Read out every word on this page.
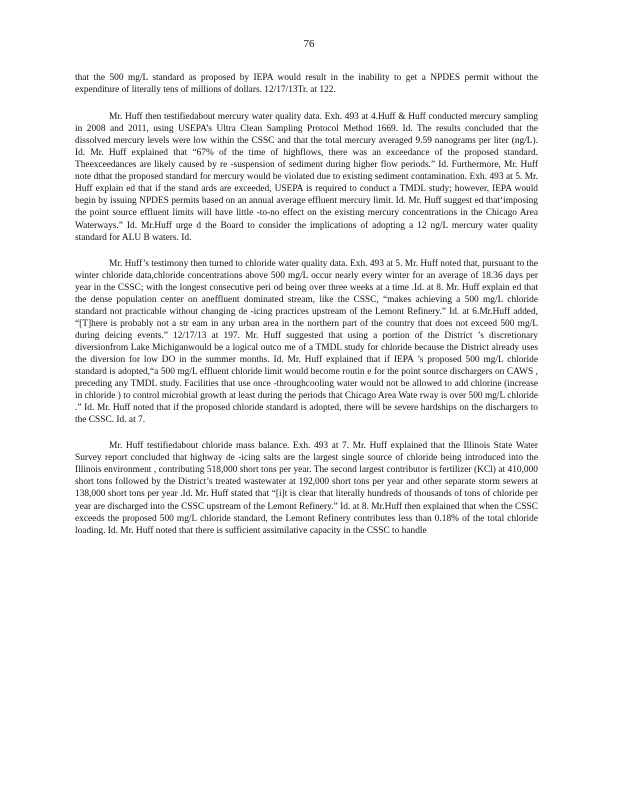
76

that the 500 mg/L standard as proposed by IEPA would result in the inability to get a NPDES permit without the expenditure of literally tens of millions of dollars. 12/17/13Tr. at 122.

Mr. Huff then testifiedabout mercury water quality data. Exh. 493 at 4.Huff & Huff conducted mercury sampling in 2008 and 2011, using USEPA’s Ultra Clean Sampling Protocol Method 1669. Id. The results concluded that the dissolved mercury levels were low within the CSSC and that the total mercury averaged 9.59 nanograms per liter (ng/L). Id. Mr. Huff explained that “67% of the time of highflows, there was an exceedance of the proposed standard. Theexceedances are likely caused by re -suspension of sediment during higher flow periods.” Id. Furthermore, Mr. Huff note dthat the proposed standard for mercury would be violated due to existing sediment contamination. Exh. 493 at 5. Mr. Huff explain ed that if the stand ards are exceeded, USEPA is required to conduct a TMDL study; however, IEPA would begin by issuing NPDES permits based on an annual average effluent mercury limit. Id. Mr. Huff suggest ed that‘imposing the point source effluent limits will have little -to-no effect on the existing mercury concentrations in the Chicago Area Waterways.” Id. Mr.Huff urge d the Board to consider the implications of adopting a 12 ng/L mercury water quality standard for ALU B waters. Id.

Mr. Huff’s testimony then turned to chloride water quality data. Exh. 493 at 5. Mr. Huff noted that, pursuant to the winter chloride data,chloride concentrations above 500 mg/L occur nearly every winter for an average of 18.36 days per year in the CSSC; with the longest consecutive peri od being over three weeks at a time .Id. at 8. Mr. Huff explain ed that the dense population center on aneffluent dominated stream, like the CSSC, “makes achieving a 500 mg/L chloride standard not practicable without changing de -icing practices upstream of the Lemont Refinery.” Id. at 6.Mr.Huff added, “[T]here is probably not a str eam in any urban area in the northern part of the country that does not exceed 500 mg/L during deicing events.” 12/17/13 at 197. Mr. Huff suggested that using a portion of the District ’s discretionary diversionfrom Lake Michiganwould be a logical outco me of a TMDL study for chloride because the District already uses the diversion for low DO in the summer months. Id. Mr. Huff explained that if IEPA ’s proposed 500 mg/L chloride standard is adopted,“a 500 mg/L effluent chloride limit would become routin e for the point source dischargers on CAWS , preceding any TMDL study. Facilities that use once -throughcooling water would not be allowed to add chlorine (increase in chloride ) to control microbial growth at least during the periods that Chicago Area Wate rway is over 500 mg/L chloride .” Id. Mr. Huff noted that if the proposed chloride standard is adopted, there will be severe hardships on the dischargers to the CSSC. Id. at 7.

Mr. Huff testifiedabout chloride mass balance. Exh. 493 at 7. Mr. Huff explained that the Illinois State Water Survey report concluded that highway de -icing salts are the largest single source of chloride being introduced into the Illinois environment , contributing 518,000 short tons per year. The second largest contributor is fertilizer (KCl) at 410,000 short tons followed by the District’s treated wastewater at 192,000 short tons per year and other separate storm sewers at 138,000 short tons per year .Id. Mr. Huff stated that “[i]t is clear that literally hundreds of thousands of tons of chloride per year are discharged into the CSSC upstream of the Lemont Refinery.” Id. at 8. Mr.Huff then explained that when the CSSC exceeds the proposed 500 mg/L chloride standard, the Lemont Refinery contributes less than 0.18% of the total chloride loading. Id. Mr. Huff noted that there is sufficient assimilative capacity in the CSSC to handle
